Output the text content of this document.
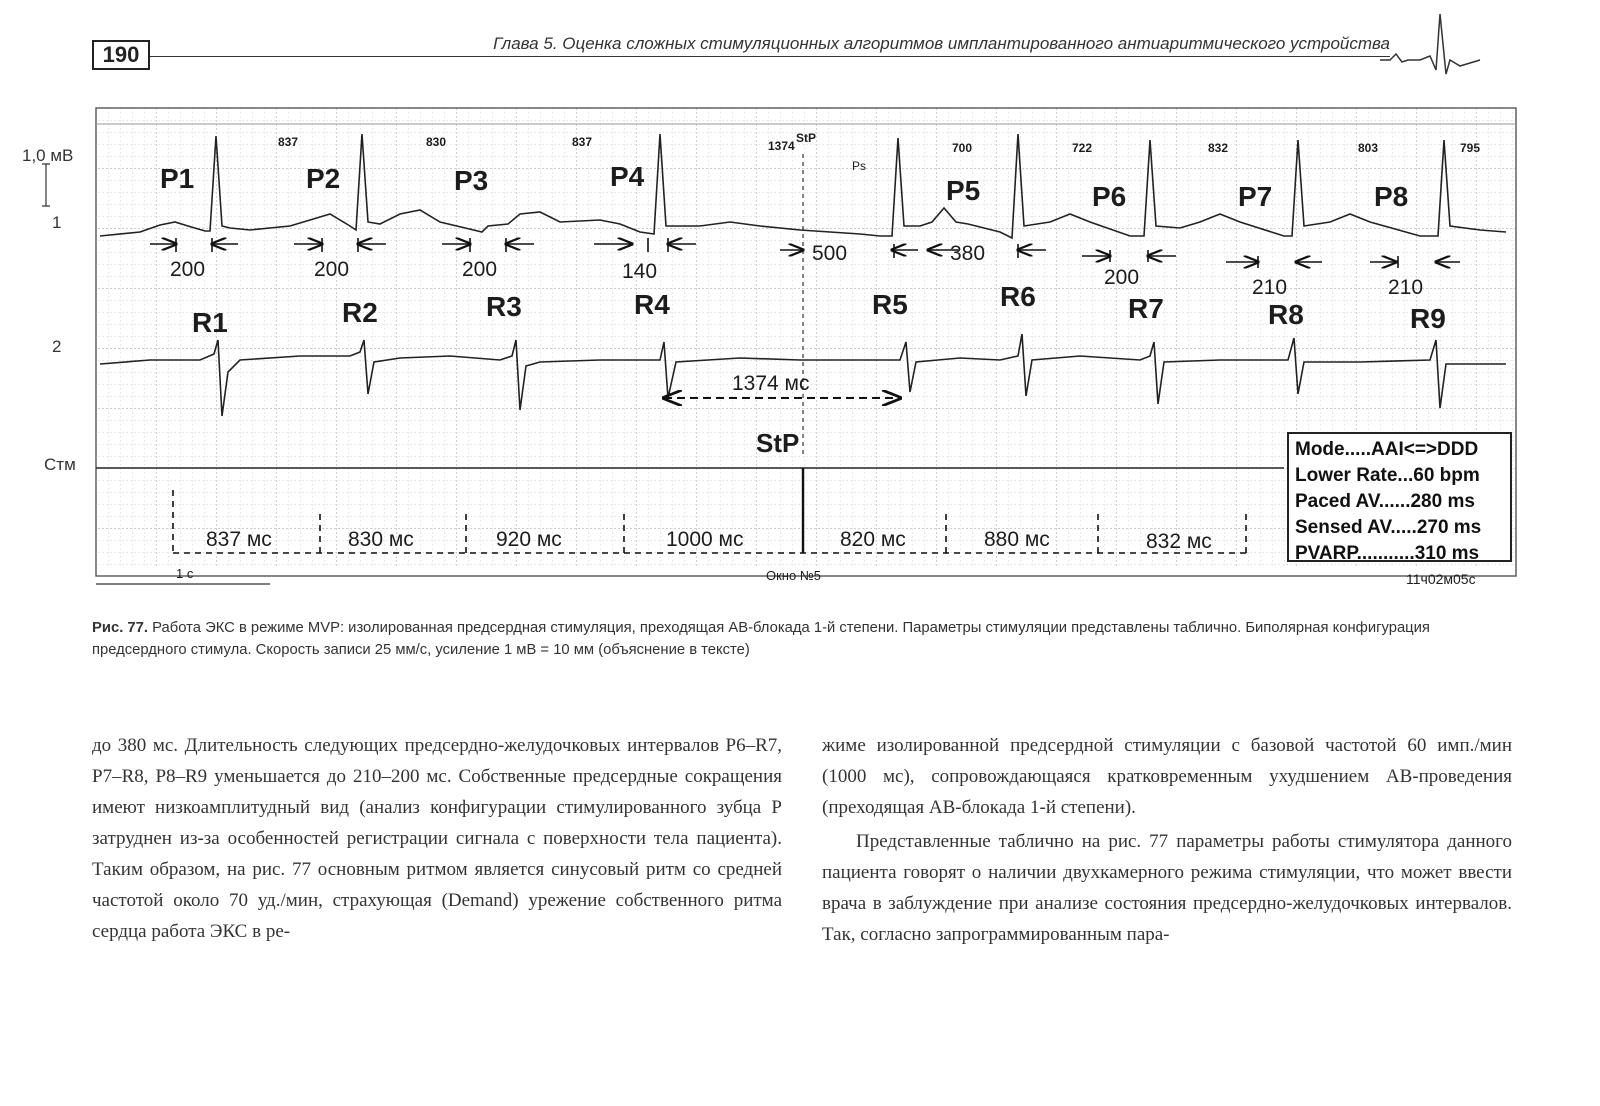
190	Глава 5. Оценка сложных стимуляционных алгоритмов имплантированного антиаритмического устройства
1,0 мВ
1
2
Стм
837	830	837	1374	700	722	832	803	795
StP
Ps
P1	P2	P3	P4	P5	P6	P7	P8
200	200	200	140
500	380
200	210	210
R1	R2	R3	R4	R5	R6	R7	R8	R9
1374 мс
StP
837 мс	830 мс	920 мс	1000 мс	820 мс	880 мс	832 мс
1 с	Окно №5	11ч02м05с
Mode.....AAI<=>DDD
Lower Rate...60 bpm
Paced AV......280 ms
Sensed AV.....270 ms
PVARP...........310 ms
Рис. 77. Работа ЭКС в режиме MVP: изолированная предсердная стимуляция, преходящая АВ-блокада 1-й степени. Параметры стимуляции представлены таблично. Биполярная конфигурация предсердного стимула. Скорость записи 25 мм/с, усиление 1 мВ = 10 мм (объяснение в тексте)

до 380 мс. Длительность следующих предсердно-желудочковых интервалов P6–R7, P7–R8, P8–R9 уменьшается до 210–200 мс. Собственные предсердные сокращения имеют низкоамплитудный вид (анализ конфигурации стимулированного зубца P затруднен из-за особенностей регистрации сигнала с поверхности тела пациента). Таким образом, на рис. 77 основным ритмом является синусовый ритм со средней частотой около 70 уд./мин, страхующая (Demand) урежение собственного ритма сердца работа ЭКС в ре-

жиме изолированной предсердной стимуляции с базовой частотой 60 имп./мин (1000 мс), сопровождающаяся кратковременным ухудшением АВ-проведения (преходящая АВ-блокада 1-й степени).

Представленные таблично на рис. 77 параметры работы стимулятора данного пациента говорят о наличии двухкамерного режима стимуляции, что может ввести врача в заблуждение при анализе состояния предсердно-желудочковых интервалов. Так, согласно запрограммированным пара-
